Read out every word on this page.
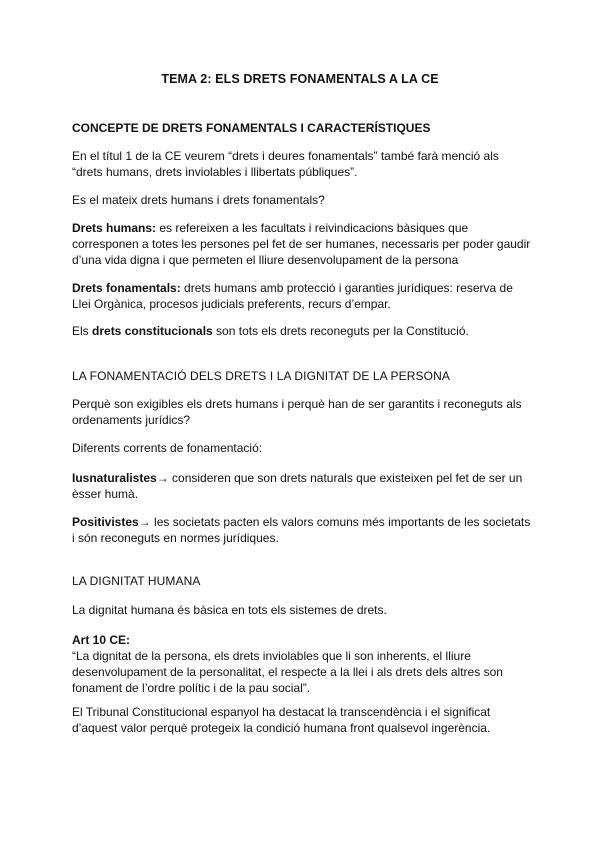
TEMA 2: ELS DRETS FONAMENTALS A LA CE
CONCEPTE DE DRETS FONAMENTALS I CARACTERÍSTIQUES
En el títul 1 de la CE veurem “drets i deures fonamentals” també farà menció als “drets humans, drets inviolables i llibertats públiques”.
Es el mateix drets humans i drets fonamentals?
Drets humans: es refereixen a les facultats i reivindicacions bàsiques que corresponen a totes les persones pel fet de ser humanes, necessaris per poder gaudir d’una vida digna i que permeten el lliure desenvolupament de la persona
Drets fonamentals: drets humans amb protecció i garanties jurídiques: reserva de Llei Orgànica, procesos judicials preferents, recurs d’empar.
Els drets constitucionals son tots els drets reconeguts per la Constitució.
LA FONAMENTACIÓ DELS DRETS I LA DIGNITAT DE LA PERSONA
Perquè son exigibles els drets humans i perquè han de ser garantits i reconeguts als ordenaments jurídics?
Diferents corrents de fonamentació:
Iusnaturalistes→ consideren que son drets naturals que existeixen pel fet de ser un èsser humà.
Positivistes→ les societats pacten els valors comuns més importants de les societats i són reconeguts en normes jurídiques.
LA DIGNITAT HUMANA
La dignitat humana és bàsica en tots els sistemes de drets.
Art 10 CE:
“La dignitat de la persona, els drets inviolables que li son inherents, el lliure desenvolupament de la personalitat, el respecte a la llei i als drets dels altres son fonament de l’ordre polític i de la pau social”.
El Tribunal Constitucional espanyol ha destacat la transcendència i el significat d’aquest valor perquè protegeix la condició humana front qualsevol ingerència.
